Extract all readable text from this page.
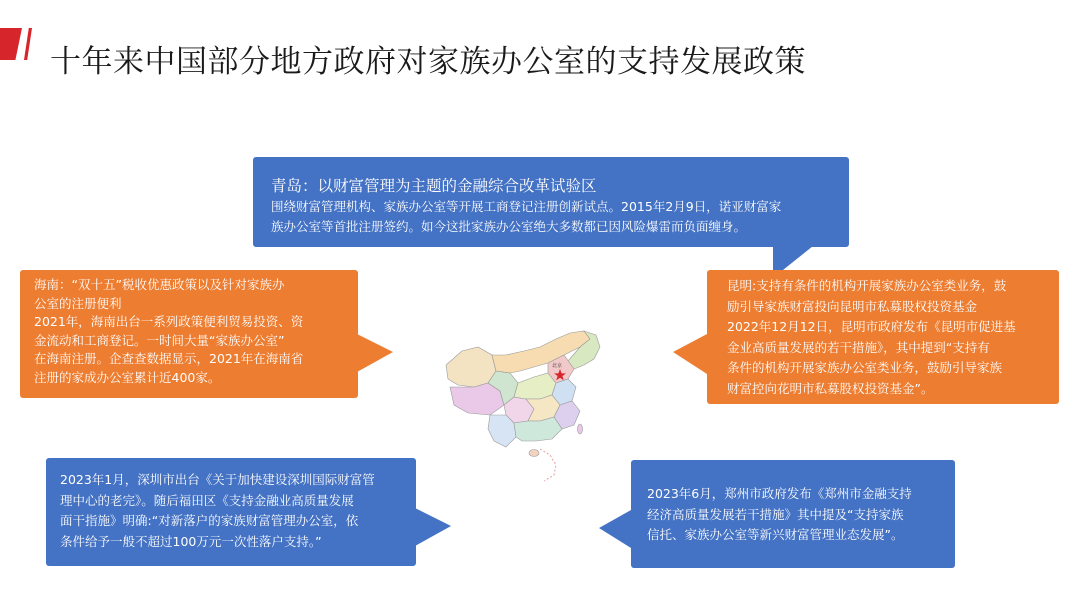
十年来中国部分地方政府对家族办公室的支持发展政策

青岛：以财富管理为主题的金融综合改革试验区

围绕财富管理机构、家族办公室等开展工商登记注册创新试点。2015年2月9日，诺亚财富家

族办公室等首批注册签约。如今这批家族办公室绝大多数都已因风险爆雷而负面缠身。

海南：“双十五”税收优惠政策以及针对家族办

公室的注册便利

2021年，海南出台一系列政策便利贸易投资、资

金流动和工商登记。一时间大量“家族办公室”

在海南注册。企查查数据显示，2021年在海南省

注册的家成办公室累计近400家。

昆明:支持有条件的机构开展家族办公室类业务，鼓

励引导家族财富投向昆明市私募股权投资基金

2022年12月12日，昆明市政府发布《昆明市促进基

金业高质量发展的若干措施》，其中提到“支持有

条件的机构开展家族办公室类业务，鼓励引导家族

财富控向花明市私募股权投资基金”。

2023年1月，深圳市出台《关于加快建设深圳国际财富管

理中心的老完》。随后福田区《支持金融业高质量发展

面干指施》明确:“对新落户的家族财富管理办公室，依

条件给予一般不超过100万元一次性落户支持。”

2023年6月，郑州市政府发布《郑州市金融支持

经济高质量发展若干措施》其中提及“支持家族

信托、家族办公室等新兴财富管理业态发展”。

北京
